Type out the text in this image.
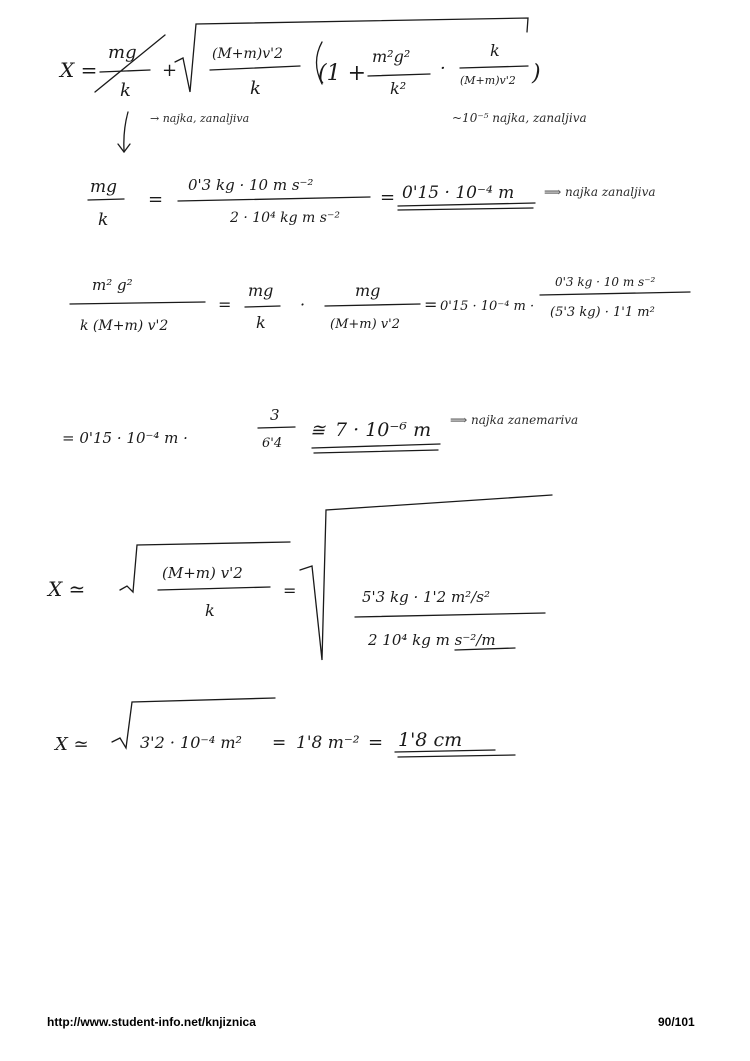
X =
mg
k
+
(M+m)v'2
k
(1 +
m²g²
k²
·
k
(M+m)v'2 )
→ najka, zanaljiva	~10⁻⁵ najka, zanaljiva
mg
k
=
0'3 kg · 10 m s⁻²
2 · 10⁴ kg m s⁻²
= 0'15 · 10⁻⁴ m ⟹ najka zanaljiva
m² g²
k (M+m) v'2
=
mg
k
·
mg
(M+m) v'2
= 0'15 · 10⁻⁴ m ·
0'3 kg · 10 m s⁻²
(5'3 kg) · 1'1 m²
= 0'15 · 10⁻⁴ m ·
3
6'4
≅ 7 · 10⁻⁶ m ⟹ najka zanemariva
X ≃
(M+m) v'2
k
=	5'3 kg · 1'2 m²/s²
2 10⁴ kg m s⁻²/m
X ≃	3'2 · 10⁻⁴ m² = 1'8 m⁻² = 1'8 cm
http://www.student-info.net/knjiznica	90/101
